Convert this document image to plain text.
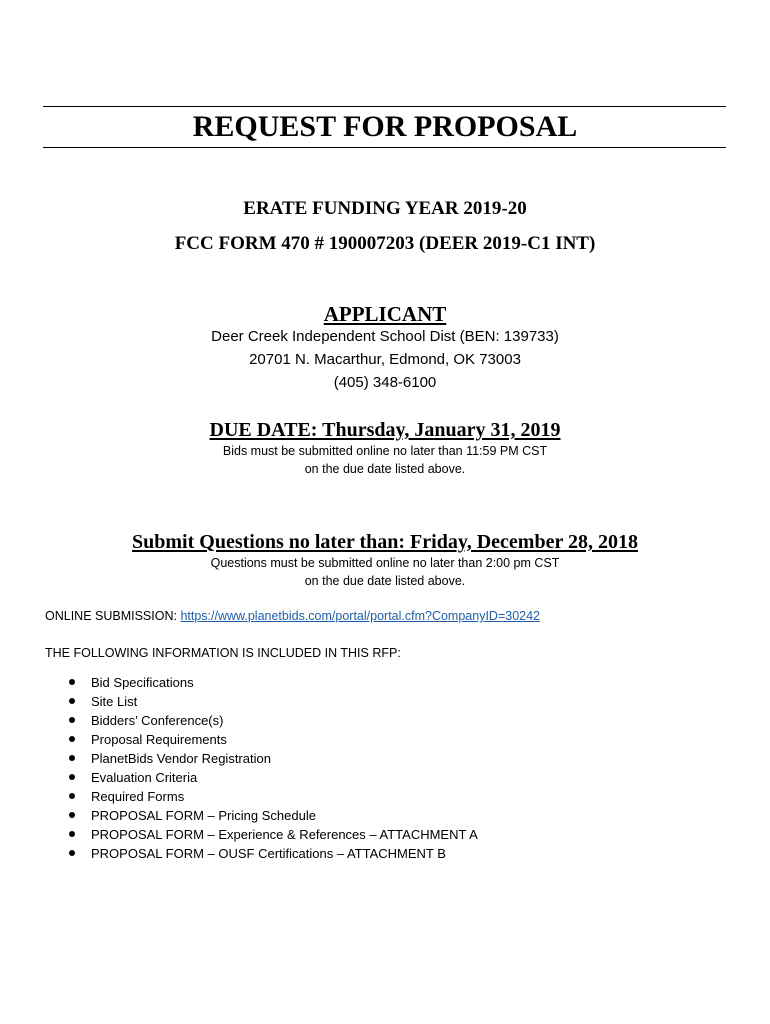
REQUEST FOR PROPOSAL
ERATE FUNDING YEAR 2019-20
FCC FORM 470 # 190007203 (DEER 2019-C1 INT)
APPLICANT
Deer Creek Independent School Dist (BEN: 139733)
20701 N. Macarthur, Edmond, OK 73003
(405) 348-6100
DUE DATE: Thursday, January 31, 2019
Bids must be submitted online no later than 11:59 PM CST
on the due date listed above.
Submit Questions no later than: Friday, December 28, 2018
Questions must be submitted online no later than 2:00 pm CST
on the due date listed above.
ONLINE SUBMISSION: https://www.planetbids.com/portal/portal.cfm?CompanyID=30242
THE FOLLOWING INFORMATION IS INCLUDED IN THIS RFP:
Bid Specifications
Site List
Bidders’ Conference(s)
Proposal Requirements
PlanetBids Vendor Registration
Evaluation Criteria
Required Forms
PROPOSAL FORM – Pricing Schedule
PROPOSAL FORM – Experience & References – ATTACHMENT A
PROPOSAL FORM – OUSF Certifications – ATTACHMENT B
